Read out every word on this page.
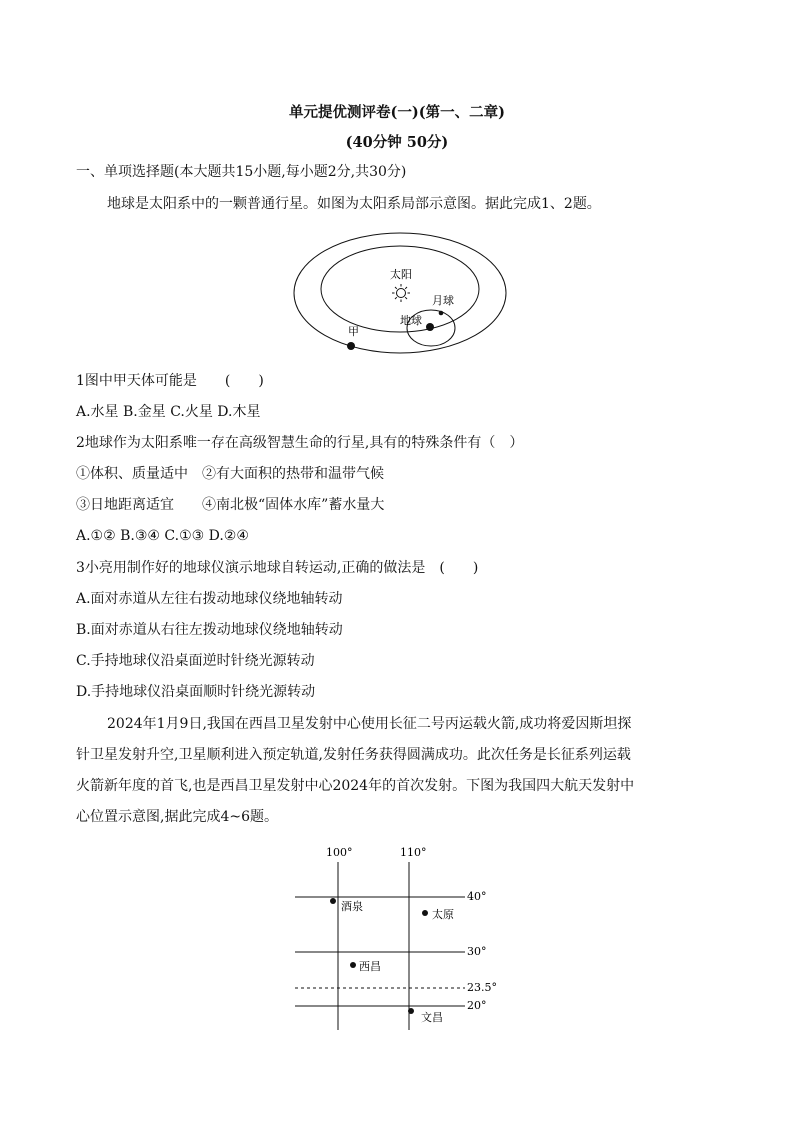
单元提优测评卷(一)(第一、二章)
(40分钟 50分)
一、单项选择题(本大题共15小题,每小题2分,共30分)
地球是太阳系中的一颗普通行星。如图为太阳系局部示意图。据此完成1、2题。
太阳
月球
地球
甲
1图中甲天体可能是　　(　　)
A.水星 B.金星 C.火星 D.木星
2地球作为太阳系唯一存在高级智慧生命的行星,具有的特殊条件有（　）
①体积、质量适中　②有大面积的热带和温带气候
③日地距离适宜　　④南北极“固体水库”蓄水量大
A.①② B.③④ C.①③ D.②④
3小亮用制作好的地球仪演示地球自转运动,正确的做法是　(　　)
A.面对赤道从左往右拨动地球仪绕地轴转动
B.面对赤道从右往左拨动地球仪绕地轴转动
C.手持地球仪沿桌面逆时针绕光源转动
D.手持地球仪沿桌面顺时针绕光源转动
2024年1月9日,我国在西昌卫星发射中心使用长征二号丙运载火箭,成功将爱因斯坦探
针卫星发射升空,卫星顺利进入预定轨道,发射任务获得圆满成功。此次任务是长征系列运载
火箭新年度的首飞,也是西昌卫星发射中心2024年的首次发射。下图为我国四大航天发射中
心位置示意图,据此完成4~6题。
100°	110°
40°
30°
23.5°
20°
酒泉
太原
西昌
文昌
